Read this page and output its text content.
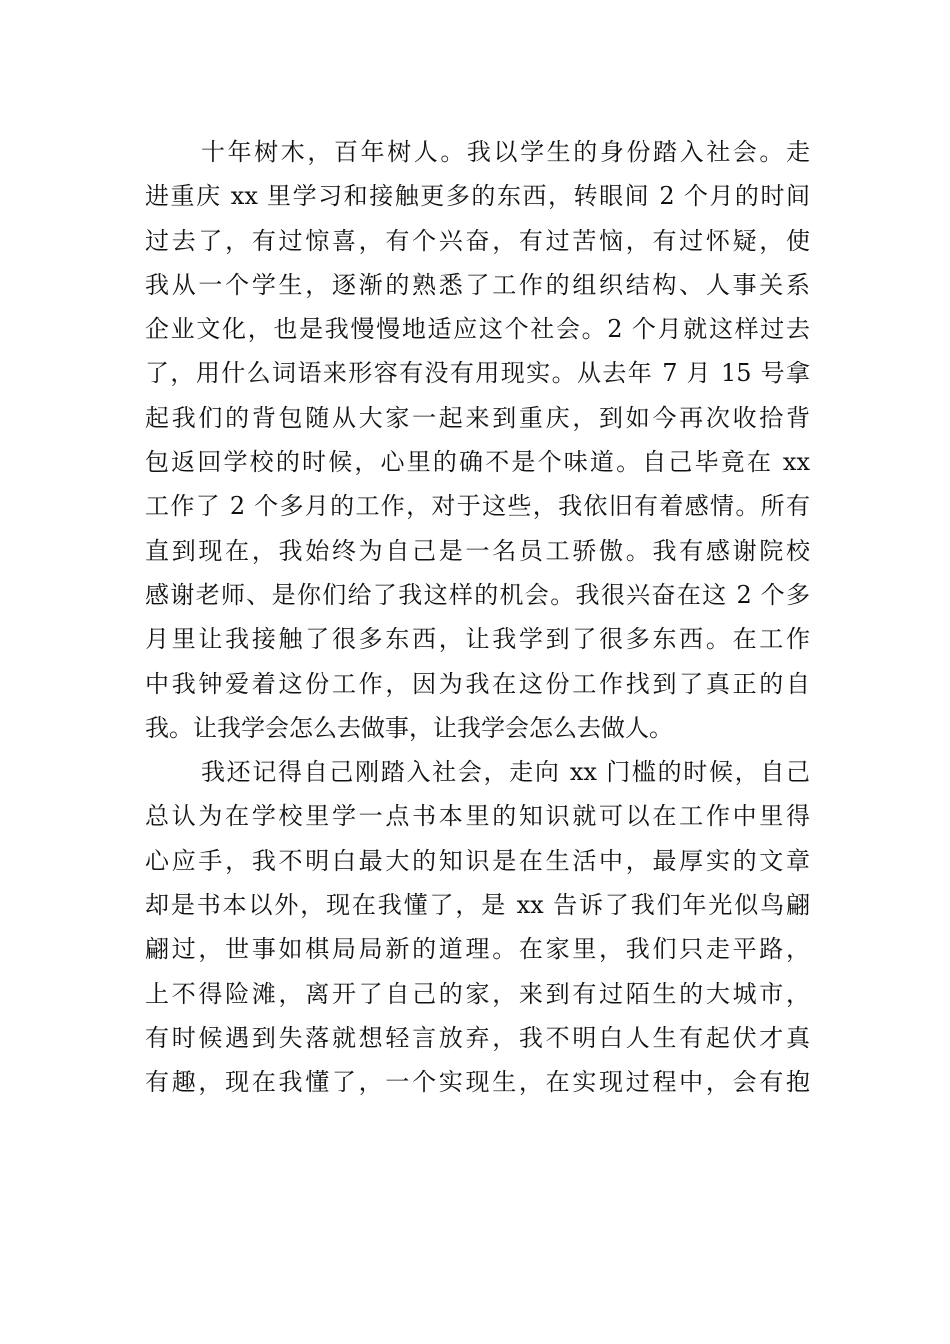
十年树木，百年树人。我以学生的身份踏入社会。走
进重庆 xx 里学习和接触更多的东西，转眼间 2 个月的时间
过去了，有过惊喜，有个兴奋，有过苦恼，有过怀疑，使
我从一个学生，逐渐的熟悉了工作的组织结构、人事关系
企业文化，也是我慢慢地适应这个社会。2 个月就这样过去
了，用什么词语来形容有没有用现实。从去年 7 月 15 号拿
起我们的背包随从大家一起来到重庆，到如今再次收拾背
包返回学校的时候，心里的确不是个味道。自己毕竟在 xx
工作了 2 个多月的工作，对于这些，我依旧有着感情。所有
直到现在，我始终为自己是一名员工骄傲。我有感谢院校
感谢老师、是你们给了我这样的机会。我很兴奋在这 2 个多
月里让我接触了很多东西，让我学到了很多东西。在工作
中我钟爱着这份工作，因为我在这份工作找到了真正的自
我。让我学会怎么去做事，让我学会怎么去做人。
我还记得自己刚踏入社会，走向 xx 门槛的时候，自己
总认为在学校里学一点书本里的知识就可以在工作中里得
心应手，我不明白最大的知识是在生活中，最厚实的文章
却是书本以外，现在我懂了，是 xx 告诉了我们年光似鸟翩
翩过，世事如棋局局新的道理。在家里，我们只走平路，
上不得险滩，离开了自己的家，来到有过陌生的大城市，
有时候遇到失落就想轻言放弃，我不明白人生有起伏才真
有趣，现在我懂了，一个实现生，在实现过程中，会有抱
